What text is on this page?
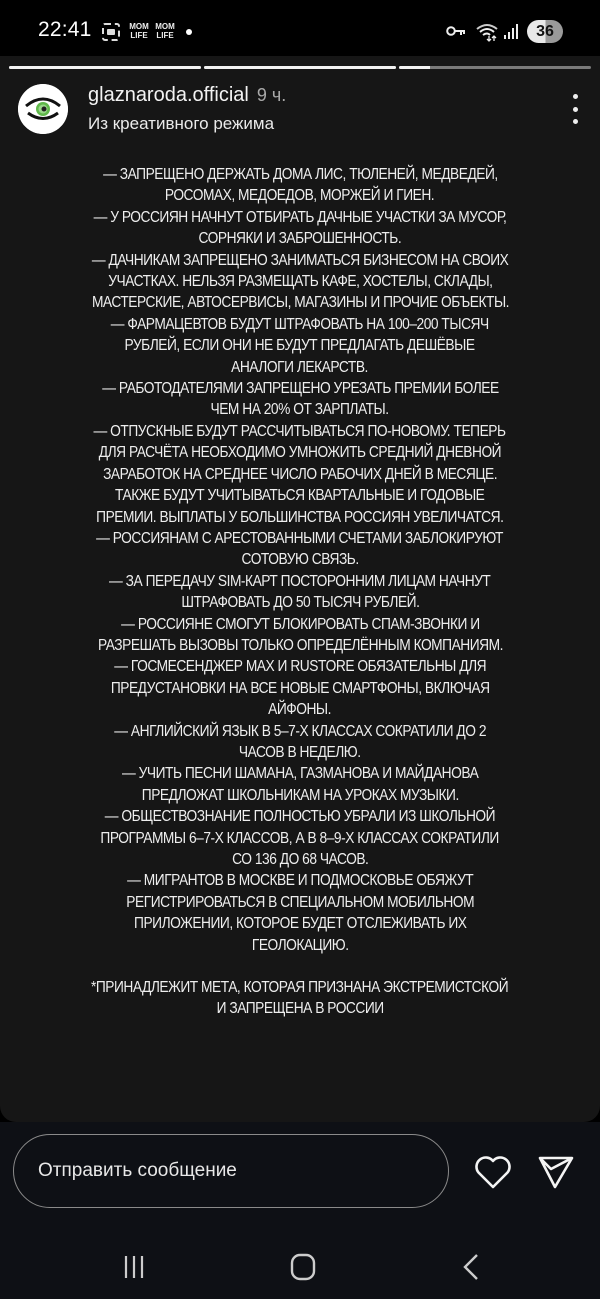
22:41	MOM LIFE
MOM LIFE	36
glaznaroda.official 9 ч.
Из креативного режима
— ЗАПРЕЩЕНО ДЕРЖАТЬ ДОМА ЛИС, ТЮЛЕНЕЙ, МЕДВЕДЕЙ,
РОСОМАХ, МЕДОЕДОВ, МОРЖЕЙ И ГИЕН.
— У РОССИЯН НАЧНУТ ОТБИРАТЬ ДАЧНЫЕ УЧАСТКИ ЗА МУСОР,
СОРНЯКИ И ЗАБРОШЕННОСТЬ.
— ДАЧНИКАМ ЗАПРЕЩЕНО ЗАНИМАТЬСЯ БИЗНЕСОМ НА СВОИХ
УЧАСТКАХ. НЕЛЬЗЯ РАЗМЕЩАТЬ КАФЕ, ХОСТЕЛЫ, СКЛАДЫ,
МАСТЕРСКИЕ, АВТОСЕРВИСЫ, МАГАЗИНЫ И ПРОЧИЕ ОБЪЕКТЫ.
— ФАРМАЦЕВТОВ БУДУТ ШТРАФОВАТЬ НА 100–200 ТЫСЯЧ
РУБЛЕЙ, ЕСЛИ ОНИ НЕ БУДУТ ПРЕДЛАГАТЬ ДЕШЁВЫЕ
АНАЛОГИ ЛЕКАРСТВ.
— РАБОТОДАТЕЛЯМИ ЗАПРЕЩЕНО УРЕЗАТЬ ПРЕМИИ БОЛЕЕ
ЧЕМ НА 20% ОТ ЗАРПЛАТЫ.
— ОТПУСКНЫЕ БУДУТ РАССЧИТЫВАТЬСЯ ПО-НОВОМУ. ТЕПЕРЬ
ДЛЯ РАСЧЁТА НЕОБХОДИМО УМНОЖИТЬ СРЕДНИЙ ДНЕВНОЙ
ЗАРАБОТОК НА СРЕДНЕЕ ЧИСЛО РАБОЧИХ ДНЕЙ В МЕСЯЦЕ.
ТАКЖЕ БУДУТ УЧИТЫВАТЬСЯ КВАРТАЛЬНЫЕ И ГОДОВЫЕ
ПРЕМИИ. ВЫПЛАТЫ У БОЛЬШИНСТВА РОССИЯН УВЕЛИЧАТСЯ.
— РОССИЯНАМ С АРЕСТОВАННЫМИ СЧЕТАМИ ЗАБЛОКИРУЮТ
СОТОВУЮ СВЯЗЬ.
— ЗА ПЕРЕДАЧУ SIM-КАРТ ПОСТОРОННИМ ЛИЦАМ НАЧНУТ
ШТРАФОВАТЬ ДО 50 ТЫСЯЧ РУБЛЕЙ.
— РОССИЯНЕ СМОГУТ БЛОКИРОВАТЬ СПАМ-ЗВОНКИ И
РАЗРЕШАТЬ ВЫЗОВЫ ТОЛЬКО ОПРЕДЕЛЁННЫМ КОМПАНИЯМ.
— ГОСМЕСЕНДЖЕР MAX И RUSTORE ОБЯЗАТЕЛЬНЫ ДЛЯ
ПРЕДУСТАНОВКИ НА ВСЕ НОВЫЕ СМАРТФОНЫ, ВКЛЮЧАЯ
АЙФОНЫ.
— АНГЛИЙСКИЙ ЯЗЫК В 5–7-Х КЛАССАХ СОКРАТИЛИ ДО 2
ЧАСОВ В НЕДЕЛЮ.
— УЧИТЬ ПЕСНИ ШАМАНА, ГАЗМАНОВА И МАЙДАНОВА
ПРЕДЛОЖАТ ШКОЛЬНИКАМ НА УРОКАХ МУЗЫКИ.
— ОБЩЕСТВОЗНАНИЕ ПОЛНОСТЬЮ УБРАЛИ ИЗ ШКОЛЬНОЙ
ПРОГРАММЫ 6–7-Х КЛАССОВ, А В 8–9-Х КЛАССАХ СОКРАТИЛИ
СО 136 ДО 68 ЧАСОВ.
— МИГРАНТОВ В МОСКВЕ И ПОДМОСКОВЬЕ ОБЯЖУТ
РЕГИСТРИРОВАТЬСЯ В СПЕЦИАЛЬНОМ МОБИЛЬНОМ
ПРИЛОЖЕНИИ, КОТОРОЕ БУДЕТ ОТСЛЕЖИВАТЬ ИХ
ГЕОЛОКАЦИЮ.
*ПРИНАДЛЕЖИТ МЕТА, КОТОРАЯ ПРИЗНАНА ЭКСТРЕМИСТСКОЙ
И ЗАПРЕЩЕНА В РОССИИ
Отправить сообщение
